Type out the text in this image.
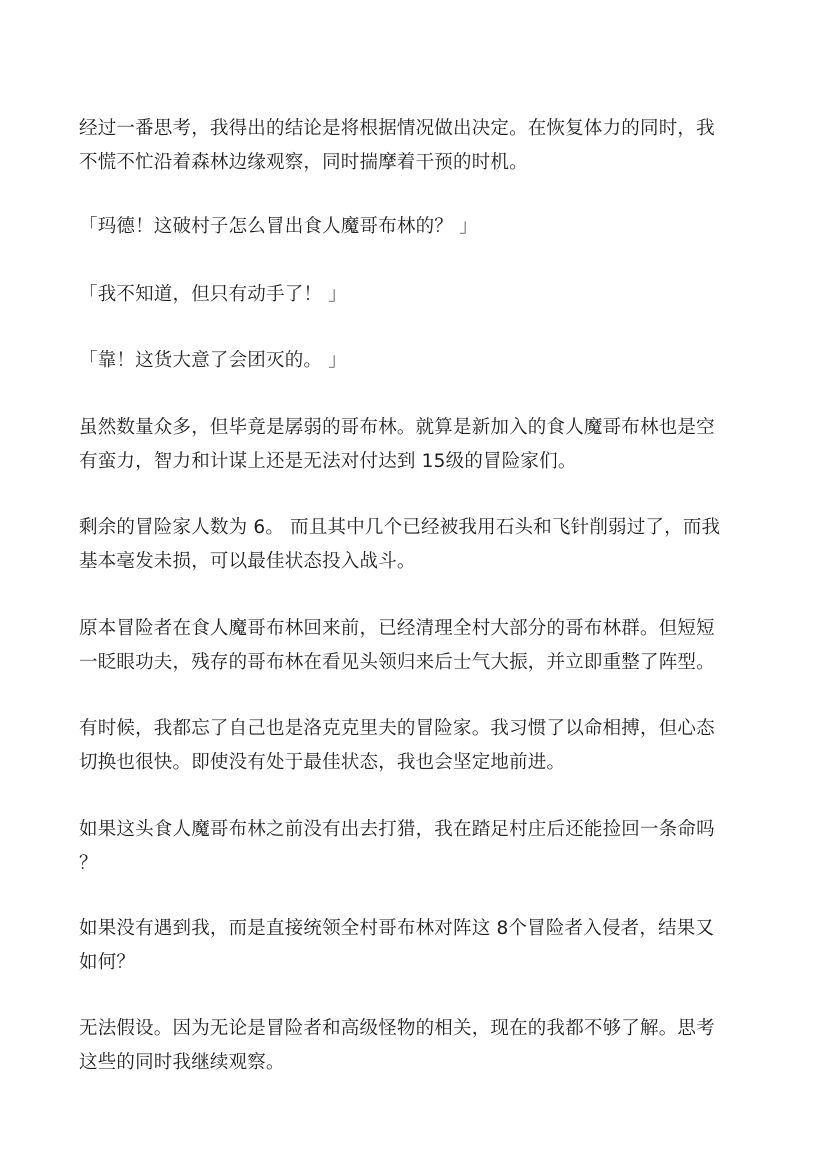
经过一番思考，我得出的结论是将根据情况做出决定。在恢复体力的同时，我
不慌不忙沿着森林边缘观察，同时揣摩着干预的时机。
「玛德！这破村子怎么冒出食人魔哥布林的？ 」
「我不知道，但只有动手了！ 」
「靠！这货大意了会团灭的。 」
虽然数量众多，但毕竟是孱弱的哥布林。就算是新加入的食人魔哥布林也是空
有蛮力，智力和计谋上还是无法对付达到 15级的冒险家们。
剩余的冒险家人数为 6。 而且其中几个已经被我用石头和飞针削弱过了，而我
基本毫发未损，可以最佳状态投入战斗。
原本冒险者在食人魔哥布林回来前，已经清理全村大部分的哥布林群。但短短
一眨眼功夫，残存的哥布林在看见头领归来后士气大振，并立即重整了阵型。
有时候，我都忘了自己也是洛克克里夫的冒险家。我习惯了以命相搏，但心态
切换也很快。即使没有处于最佳状态，我也会坚定地前进。
如果这头食人魔哥布林之前没有出去打猎，我在踏足村庄后还能捡回一条命吗
？
如果没有遇到我，而是直接统领全村哥布林对阵这 8个冒险者入侵者，结果又
如何？
无法假设。因为无论是冒险者和高级怪物的相关，现在的我都不够了解。思考
这些的同时我继续观察。
